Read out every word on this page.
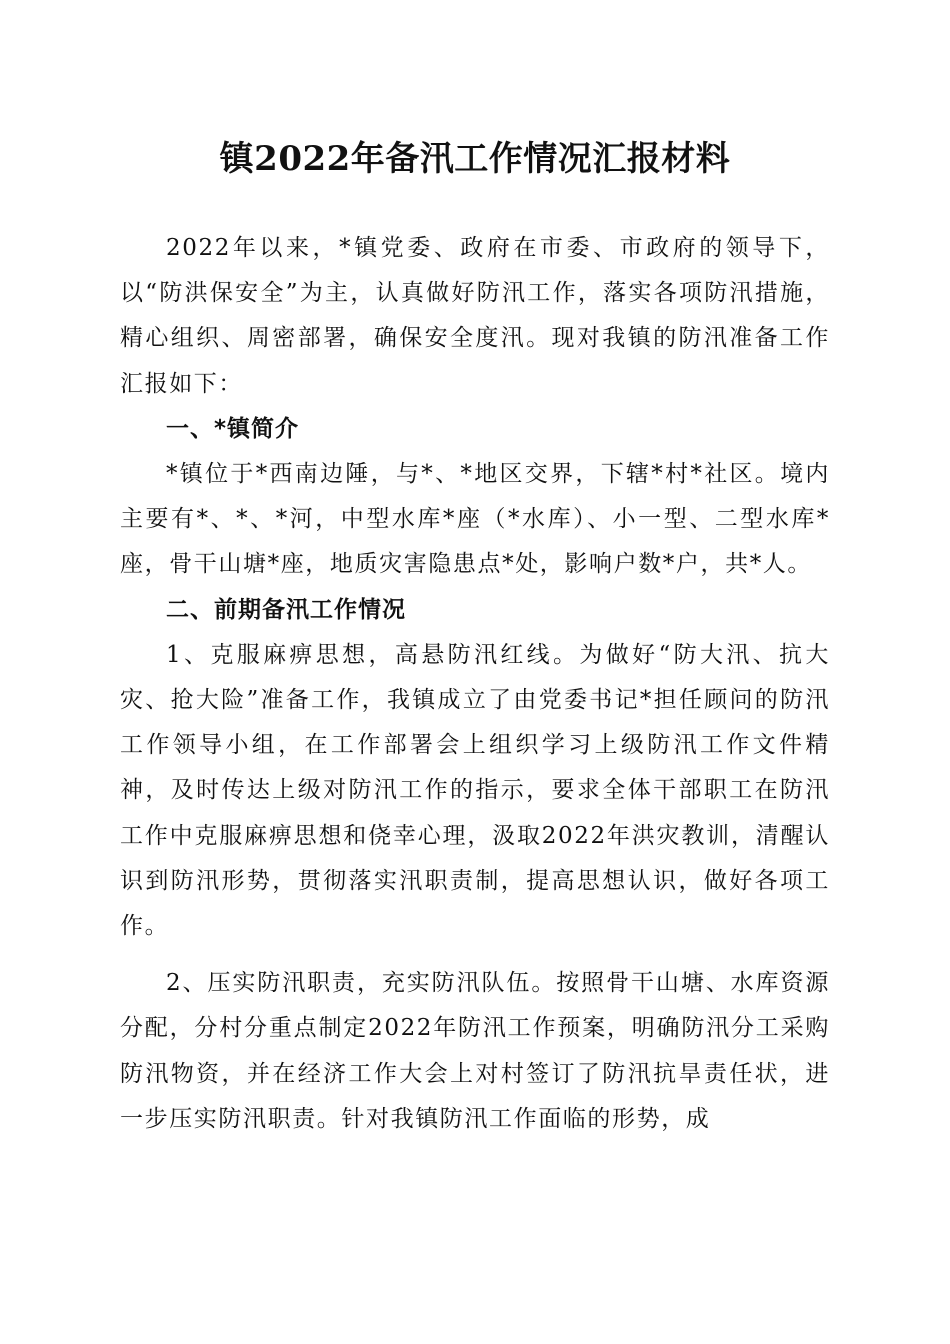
镇2022年备汛工作情况汇报材料

2022年以来，*镇党委、政府在市委、市政府的领导下，以“防洪保安全”为主，认真做好防汛工作，落实各项防汛措施，精心组织、周密部署，确保安全度汛。现对我镇的防汛准备工作汇报如下：

一、*镇简介

*镇位于*西南边陲，与*、*地区交界，下辖*村*社区。境内主要有*、*、*河，中型水库*座（*水库）、小一型、二型水库*座，骨干山塘*座，地质灾害隐患点*处，影响户数*户，共*人。

二、前期备汛工作情况

1、克服麻痹思想，高悬防汛红线。为做好“防大汛、抗大灾、抢大险”准备工作，我镇成立了由党委书记*担任顾问的防汛工作领导小组，在工作部署会上组织学习上级防汛工作文件精神，及时传达上级对防汛工作的指示，要求全体干部职工在防汛工作中克服麻痹思想和侥幸心理，汲取2022年洪灾教训，清醒认识到防汛形势，贯彻落实汛职责制，提高思想认识，做好各项工作。

2、压实防汛职责，充实防汛队伍。按照骨干山塘、水库资源分配，分村分重点制定2022年防汛工作预案，明确防汛分工采购防汛物资，并在经济工作大会上对村签订了防汛抗旱责任状，进一步压实防汛职责。针对我镇防汛工作面临的形势，成
